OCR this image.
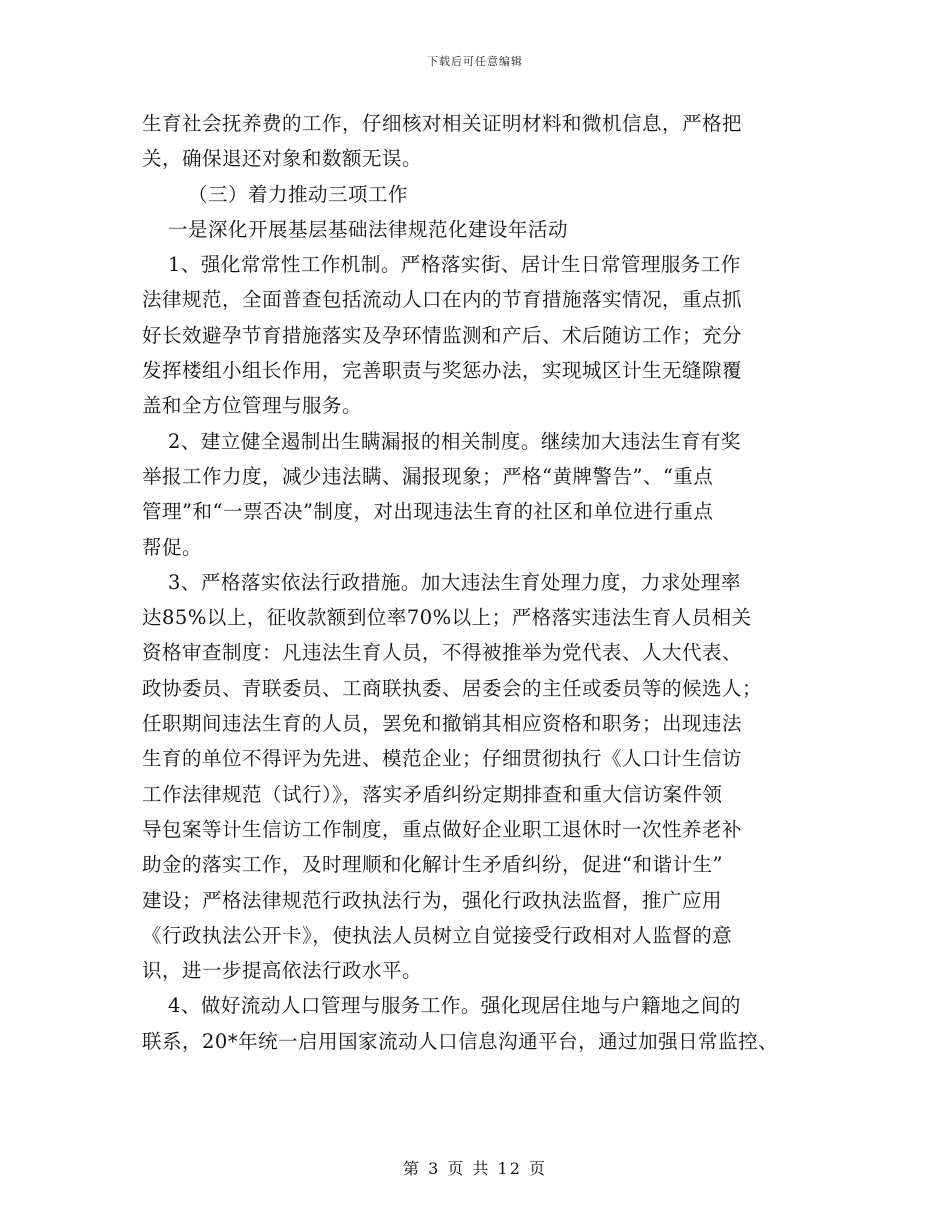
下载后可任意编辑
生育社会抚养费的工作，仔细核对相关证明材料和微机信息，严格把
关，确保退还对象和数额无误。
（三）着力推动三项工作
一是深化开展基层基础法律规范化建设年活动
1、强化常常性工作机制。严格落实街、居计生日常管理服务工作
法律规范，全面普查包括流动人口在内的节育措施落实情况，重点抓
好长效避孕节育措施落实及孕环情监测和产后、术后随访工作；充分
发挥楼组小组长作用，完善职责与奖惩办法，实现城区计生无缝隙覆
盖和全方位管理与服务。
2、建立健全遏制出生瞒漏报的相关制度。继续加大违法生育有奖
举报工作力度，减少违法瞒、漏报现象；严格“黄牌警告”、“重点
管理”和“一票否决”制度，对出现违法生育的社区和单位进行重点
帮促。
3、严格落实依法行政措施。加大违法生育处理力度，力求处理率
达85%以上，征收款额到位率70%以上；严格落实违法生育人员相关
资格审查制度：凡违法生育人员，不得被推举为党代表、人大代表、
政协委员、青联委员、工商联执委、居委会的主任或委员等的候选人；
任职期间违法生育的人员，罢免和撤销其相应资格和职务；出现违法
生育的单位不得评为先进、模范企业；仔细贯彻执行《人口计生信访
工作法律规范（试行）》，落实矛盾纠纷定期排查和重大信访案件领
导包案等计生信访工作制度，重点做好企业职工退休时一次性养老补
助金的落实工作，及时理顺和化解计生矛盾纠纷，促进“和谐计生”
建设；严格法律规范行政执法行为，强化行政执法监督，推广应用
《行政执法公开卡》，使执法人员树立自觉接受行政相对人监督的意
识，进一步提高依法行政水平。
4、做好流动人口管理与服务工作。强化现居住地与户籍地之间的
联系，20*年统一启用国家流动人口信息沟通平台，通过加强日常监控、
第 3 页 共 12 页
